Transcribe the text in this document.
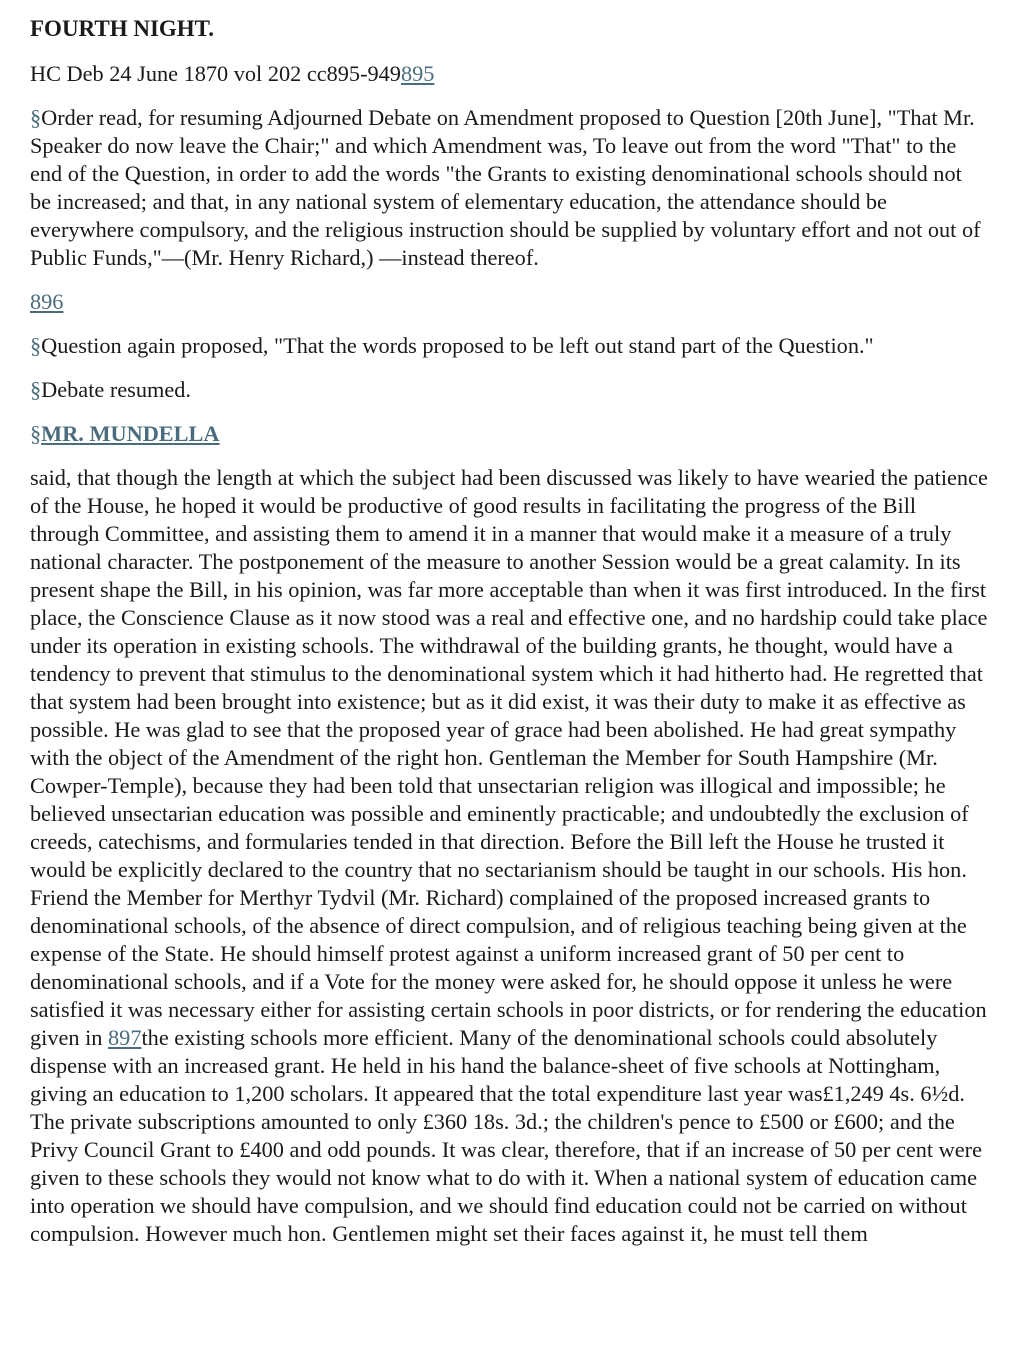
FOURTH NIGHT.

HC Deb 24 June 1870 vol 202 cc895-949895

§Order read, for resuming Adjourned Debate on Amendment proposed to Question [20th June], "That Mr. Speaker do now leave the Chair;" and which Amendment was, To leave out from the word "That" to the end of the Question, in order to add the words "the Grants to existing denominational schools should not be increased; and that, in any national system of elementary education, the attendance should be everywhere compulsory, and the religious instruction should be supplied by voluntary effort and not out of Public Funds,"—(Mr. Henry Richard,) —instead thereof.

896

§Question again proposed, "That the words proposed to be left out stand part of the Question."

§Debate resumed.

§MR. MUNDELLA

said, that though the length at which the subject had been discussed was likely to have wearied the patience of the House, he hoped it would be productive of good results in facilitating the progress of the Bill through Committee, and assisting them to amend it in a manner that would make it a measure of a truly national character. The postponement of the measure to another Session would be a great calamity. In its present shape the Bill, in his opinion, was far more acceptable than when it was first introduced. In the first place, the Conscience Clause as it now stood was a real and effective one, and no hardship could take place under its operation in existing schools. The withdrawal of the building grants, he thought, would have a tendency to prevent that stimulus to the denominational system which it had hitherto had. He regretted that that system had been brought into existence; but as it did exist, it was their duty to make it as effective as possible. He was glad to see that the proposed year of grace had been abolished. He had great sympathy with the object of the Amendment of the right hon. Gentleman the Member for South Hampshire (Mr. Cowper-Temple), because they had been told that unsectarian religion was illogical and impossible; he believed unsectarian education was possible and eminently practicable; and undoubtedly the exclusion of creeds, catechisms, and formularies tended in that direction. Before the Bill left the House he trusted it would be explicitly declared to the country that no sectarianism should be taught in our schools. His hon. Friend the Member for Merthyr Tydvil (Mr. Richard) complained of the proposed increased grants to denominational schools, of the absence of direct compulsion, and of religious teaching being given at the expense of the State. He should himself protest against a uniform increased grant of 50 per cent to denominational schools, and if a Vote for the money were asked for, he should oppose it unless he were satisfied it was necessary either for assisting certain schools in poor districts, or for rendering the education given in 897the existing schools more efficient. Many of the denominational schools could absolutely dispense with an increased grant. He held in his hand the balance-sheet of five schools at Nottingham, giving an education to 1,200 scholars. It appeared that the total expenditure last year was£1,249 4s. 6½d. The private subscriptions amounted to only £360 18s. 3d.; the children's pence to £500 or £600; and the Privy Council Grant to £400 and odd pounds. It was clear, therefore, that if an increase of 50 per cent were given to these schools they would not know what to do with it. When a national system of education came into operation we should have compulsion, and we should find education could not be carried on without compulsion. However much hon. Gentlemen might set their faces against it, he must tell them
